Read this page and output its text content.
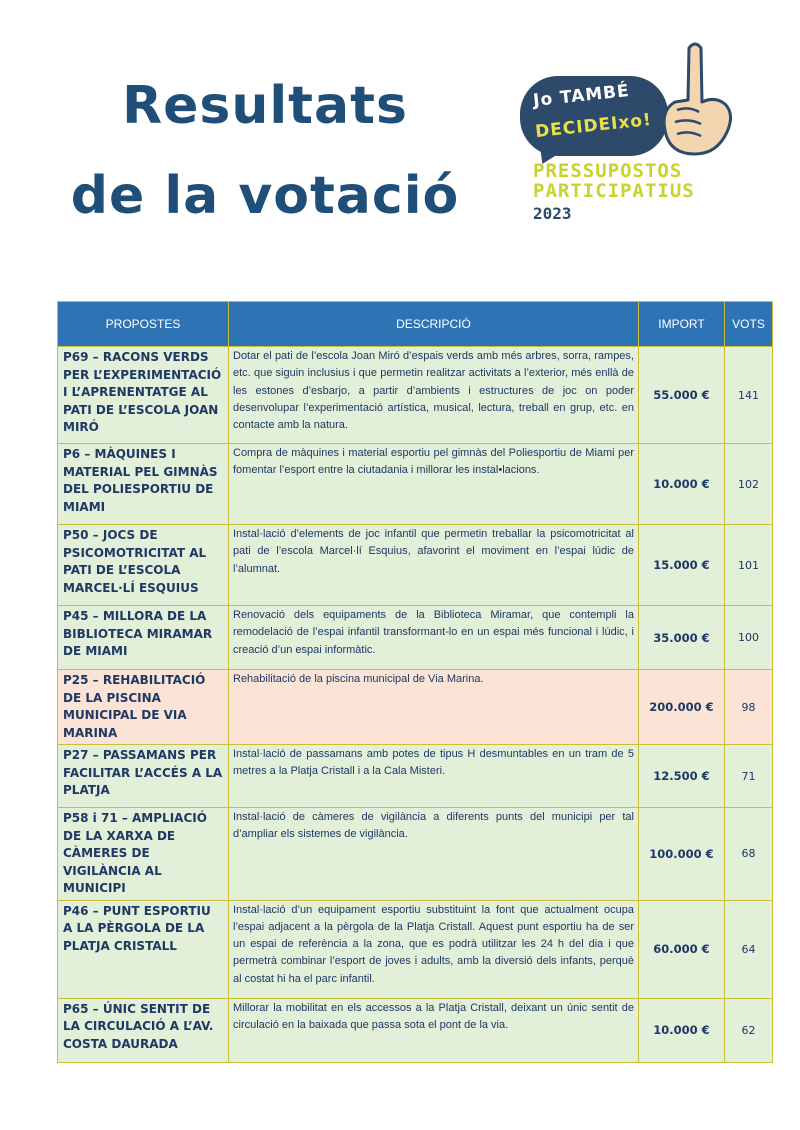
Resultats
de la votació
Jo TAMBÉ
DECIDEIxo!
PRESSUPOSTOS
PARTICIPATIUS
2023
PROPOSTES	DESCRIPCIÓ	IMPORT	VOTS
P69 – RACONS VERDS PER L’EXPERIMENTACIÓ I L’APRENENTATGE AL PATI DE L’ESCOLA JOAN MIRÓ	Dotar el pati de l’escola Joan Miró d’espais verds amb més arbres, sorra, rampes, etc. que siguin inclusius i que permetin realitzar activitats a l’exterior, més enllà de les estones d’esbarjo, a partir d’ambients i estructures de joc on poder desenvolupar l’experimentació artística, musical, lectura, treball en grup, etc. en contacte amb la natura.	55.000 €	141
P6 – MÀQUINES I MATERIAL PEL GIMNÀS DEL POLIESPORTIU DE MIAMI	Compra de màquines i material esportiu pel gimnàs del Poliesportiu de Miami per fomentar l’esport entre la ciutadania i millorar les instal•lacions.	10.000 €	102
P50 – JOCS DE PSICOMOTRICITAT AL PATI DE L’ESCOLA MARCEL·LÍ ESQUIUS	Instal·lació d’elements de joc infantil que permetin treballar la psicomotricitat al pati de l’escola Marcel·lí Esquius, afavorint el moviment en l’espai lúdic de l’alumnat.	15.000 €	101
P45 – MILLORA DE LA BIBLIOTECA MIRAMAR DE MIAMI	Renovació dels equipaments de la Biblioteca Miramar, que contempli la remodelació de l’espai infantil transformant-lo en un espai més funcional i lúdic, i creació d’un espai informàtic.	35.000 €	100
P25 – REHABILITACIÓ DE LA PISCINA MUNICIPAL DE VIA MARINA	Rehabilitació de la piscina municipal de Via Marina.	200.000 €	98
P27 – PASSAMANS PER FACILITAR L’ACCÉS A LA PLATJA	Instal·lació de passamans amb potes de tipus H desmuntables en un tram de 5 metres a la Platja Cristall i a la Cala Misteri.	12.500 €	71
P58 i 71 – AMPLIACIÓ DE LA XARXA DE CÀMERES DE VIGILÀNCIA AL MUNICIPI	Instal·lació de càmeres de vigilància a diferents punts del municipi per tal d’ampliar els sistemes de vigilància.	100.000 €	68
P46 – PUNT ESPORTIU A LA PÈRGOLA DE LA PLATJA CRISTALL	Instal·lació d’un equipament esportiu substituint la font que actualment ocupa l’espai adjacent a la pèrgola de la Platja Cristall. Aquest punt esportiu ha de ser un espai de referència a la zona, que es podrà utilitzar les 24 h del dia i que permetrà combinar l’esport de joves i adults, amb la diversió dels infants, perquè al costat hi ha el parc infantil.	60.000 €	64
P65 – ÚNIC SENTIT DE LA CIRCULACIÓ A L’AV. COSTA DAURADA	Millorar la mobilitat en els accessos a la Platja Cristall, deixant un únic sentit de circulació en la baixada que passa sota el pont de la via.	10.000 €	62
